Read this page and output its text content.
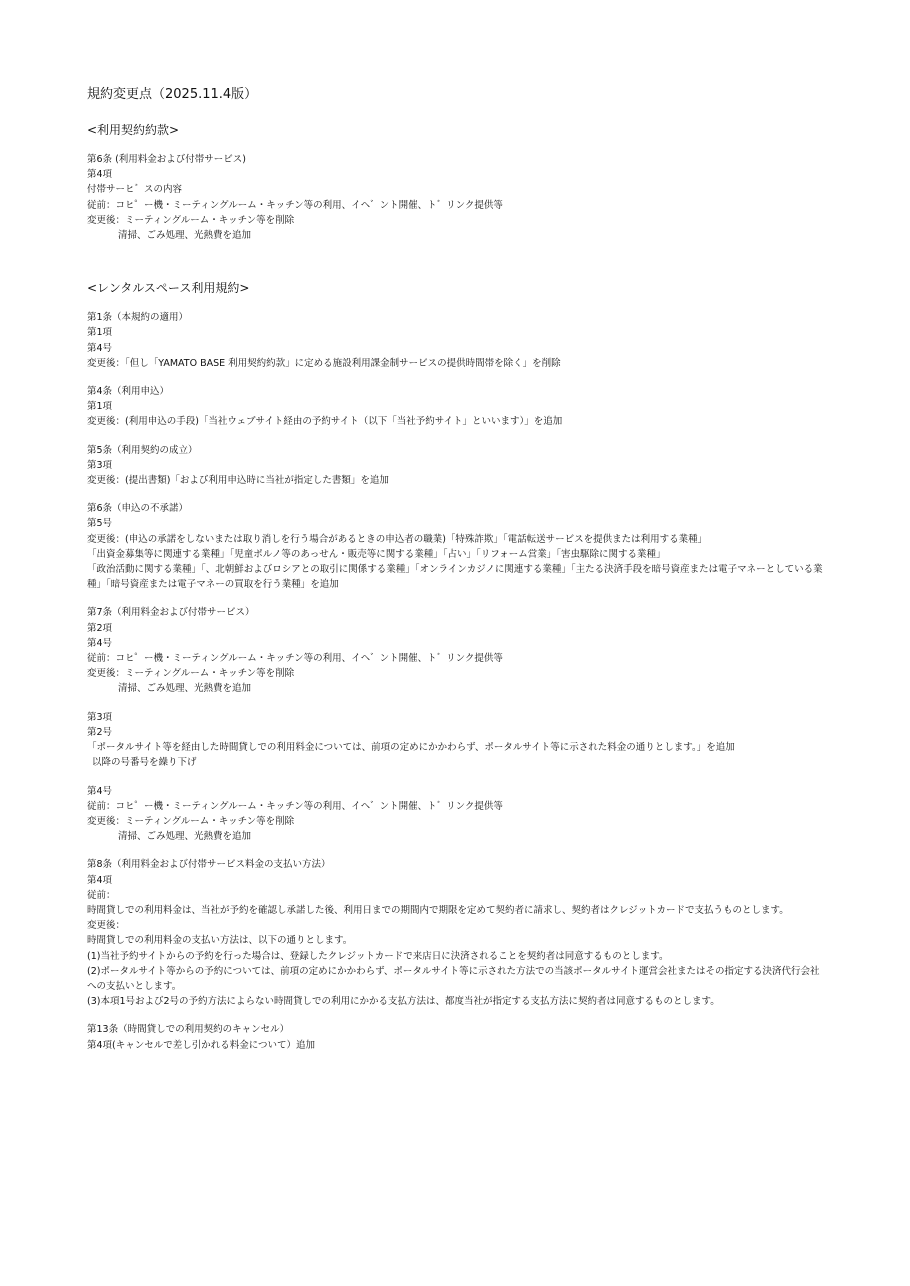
規約変更点（2025.11.4版）
<利用契約約款>
第6条 (利用料金および付帯サービス)
第4項
付帯サーヒ゛スの内容
従前：コヒ゜ー機・ミーティングルーム・キッチン等の利用、イヘ゛ント開催、ト゛リンク提供等
変更後：ミーティングルーム・キッチン等を削除
清掃、ごみ処理、光熱費を追加
<レンタルスペース利用規約>
第1条（本規約の適用）
第1項
第4号
変更後：「但し「YAMATO BASE 利用契約約款」に定める施設利用課金制サービスの提供時間帯を除く」を削除
第4条（利用申込）
第1項
変更後：(利用申込の手段)「当社ウェブサイト経由の予約サイト（以下「当社予約サイト」といいます）」を追加
第5条（利用契約の成立）
第3項
変更後：(提出書類)「および利用申込時に当社が指定した書類」を追加
第6条（申込の不承諾）
第5号
変更後：(申込の承諾をしないまたは取り消しを行う場合があるときの申込者の職業)「特殊詐欺」「電話転送サービスを提供または利用する業種」
「出資金募集等に関連する業種」「児童ポルノ等のあっせん・販売等に関する業種」「占い」「リフォーム営業」「害虫駆除に関する業種」
「政治活動に関する業種」「、北朝鮮およびロシアとの取引に関係する業種」「オンラインカジノに関連する業種」「主たる決済手段を暗号資産または電子マネーとしている業種」「暗号資産または電子マネーの買取を行う業種」を追加
第7条（利用料金および付帯サービス）
第2項
第4号
従前：コヒ゜ー機・ミーティングルーム・キッチン等の利用、イヘ゛ント開催、ト゛リンク提供等
変更後：ミーティングルーム・キッチン等を削除
清掃、ごみ処理、光熱費を追加
第3項
第2号
「ポータルサイト等を経由した時間貸しでの利用料金については、前項の定めにかかわらず、ポータルサイト等に示された料金の通りとします。」を追加
以降の号番号を繰り下げ
第4号
従前：コヒ゜ー機・ミーティングルーム・キッチン等の利用、イヘ゛ント開催、ト゛リンク提供等
変更後：ミーティングルーム・キッチン等を削除
清掃、ごみ処理、光熱費を追加
第8条（利用料金および付帯サービス料金の支払い方法）
第4項
従前：
時間貸しでの利用料金は、当社が予約を確認し承諾した後、利用日までの期間内で期限を定めて契約者に請求し、契約者はクレジットカードで支払うものとします。
変更後：
時間貸しでの利用料金の支払い方法は、以下の通りとします。
(1)当社予約サイトからの予約を行った場合は、登録したクレジットカードで来店日に決済されることを契約者は同意するものとします。
(2)ポータルサイト等からの予約については、前項の定めにかかわらず、ポータルサイト等に示された方法での当該ポータルサイト運営会社またはその指定する決済代行会社への支払いとします。
(3)本項1号および2号の予約方法によらない時間貸しでの利用にかかる支払方法は、都度当社が指定する支払方法に契約者は同意するものとします。
第13条（時間貸しでの利用契約のキャンセル）
第4項(キャンセルで差し引かれる料金について）追加
